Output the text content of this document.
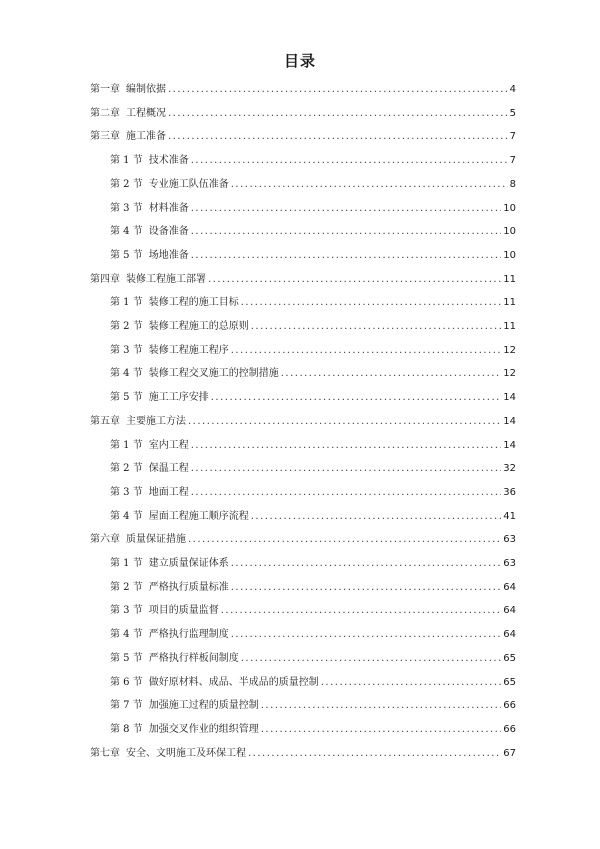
目录
第一章 编制依据 .....	4
第二章 工程概况 .....	5
第三章 施工准备 .....	7
第 1 节 技术准备 .....	7
第 2 节 专业施工队伍准备 .....	8
第 3 节 材料准备 .....	10
第 4 节 设备准备 .....	10
第 5 节 场地准备 .....	10
第四章 装修工程施工部署 .....	11
第 1 节 装修工程的施工目标 .....	11
第 2 节 装修工程施工的总原则 .....	11
第 3 节 装修工程施工程序 .....	12
第 4 节 装修工程交叉施工的控制措施 .....	12
第 5 节 施工工序安排 .....	14
第五章 主要施工方法 .....	14
第 1 节 室内工程 .....	14
第 2 节 保温工程 .....	32
第 3 节 地面工程 .....	36
第 4 节 屋面工程施工顺序流程 .....	41
第六章 质量保证措施 .....	63
第 1 节 建立质量保证体系 .....	63
第 2 节 严格执行质量标准 .....	64
第 3 节 项目的质量监督 .....	64
第 4 节 严格执行监理制度 .....	64
第 5 节 严格执行样板间制度 .....	65
第 6 节 做好原材料、成品、半成品的质量控制 .....	65
第 7 节 加强施工过程的质量控制 .....	66
第 8 节 加强交叉作业的组织管理 .....	66
第七章 安全、文明施工及环保工程 .....	67
